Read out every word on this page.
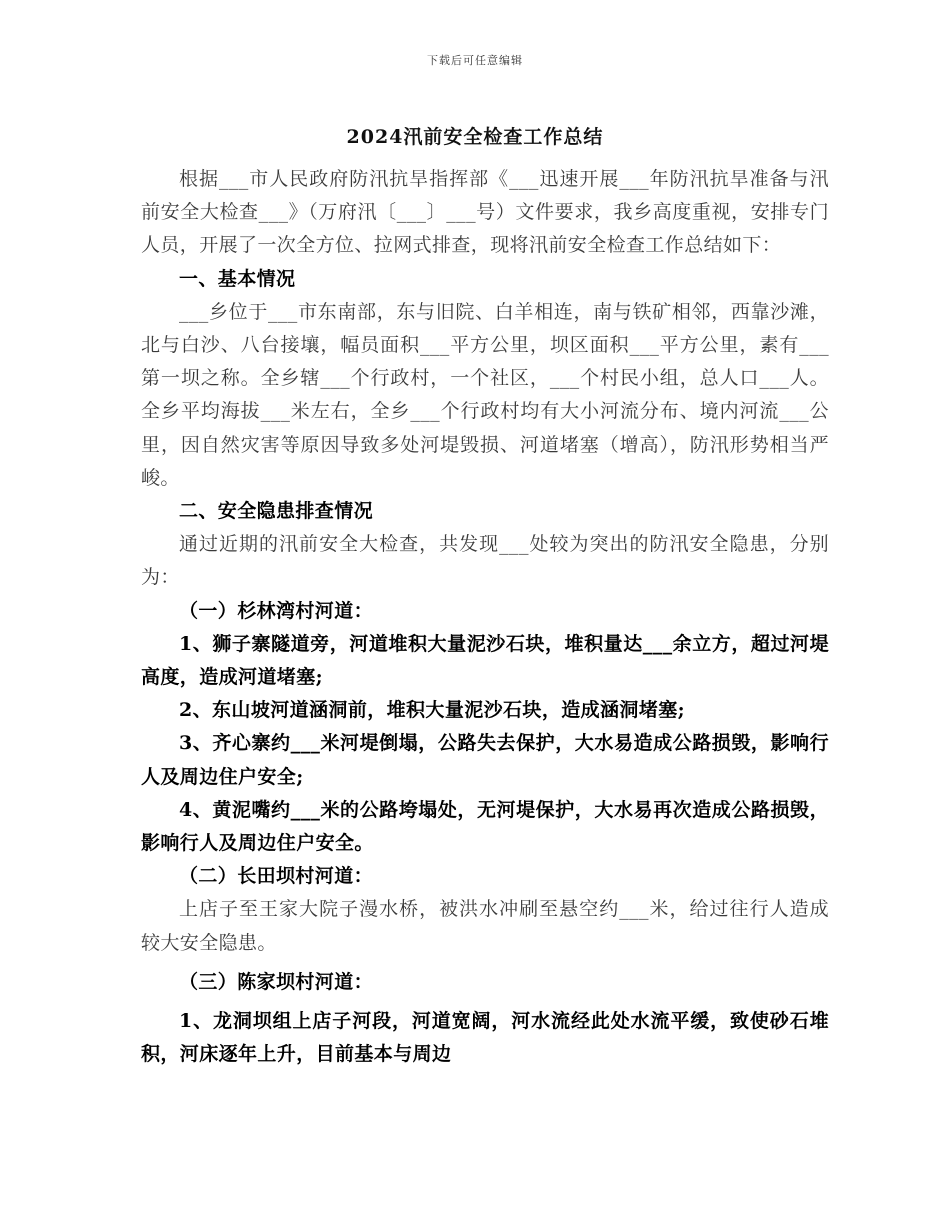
下载后可任意编辑
2024汛前安全检查工作总结

根据___市人民政府防汛抗旱指挥部《___迅速开展___年防汛抗旱准备与汛前安全大检查___》（万府汛〔___〕___号）文件要求，我乡高度重视，安排专门人员，开展了一次全方位、拉网式排查，现将汛前安全检查工作总结如下：

一、基本情况

___乡位于___市东南部，东与旧院、白羊相连，南与铁矿相邻，西靠沙滩，北与白沙、八台接壤，幅员面积___平方公里，坝区面积___平方公里，素有___第一坝之称。全乡辖___个行政村，一个社区，___个村民小组，总人口___人。全乡平均海拔___米左右，全乡___个行政村均有大小河流分布、境内河流___公里，因自然灾害等原因导致多处河堤毁损、河道堵塞（增高），防汛形势相当严峻。

二、安全隐患排查情况

通过近期的汛前安全大检查，共发现___处较为突出的防汛安全隐患，分别为：

（一）杉林湾村河道：

1、狮子寨隧道旁，河道堆积大量泥沙石块，堆积量达___余立方，超过河堤高度，造成河道堵塞;

2、东山坡河道涵洞前，堆积大量泥沙石块，造成涵洞堵塞;

3、齐心寨约___米河堤倒塌，公路失去保护，大水易造成公路损毁，影响行人及周边住户安全;

4、黄泥嘴约___米的公路垮塌处，无河堤保护，大水易再次造成公路损毁，影响行人及周边住户安全。

（二）长田坝村河道：

上店子至王家大院子漫水桥，被洪水冲刷至悬空约___米，给过往行人造成较大安全隐患。

（三）陈家坝村河道：

1、龙洞坝组上店子河段，河道宽阔，河水流经此处水流平缓，致使砂石堆积，河床逐年上升，目前基本与周边
